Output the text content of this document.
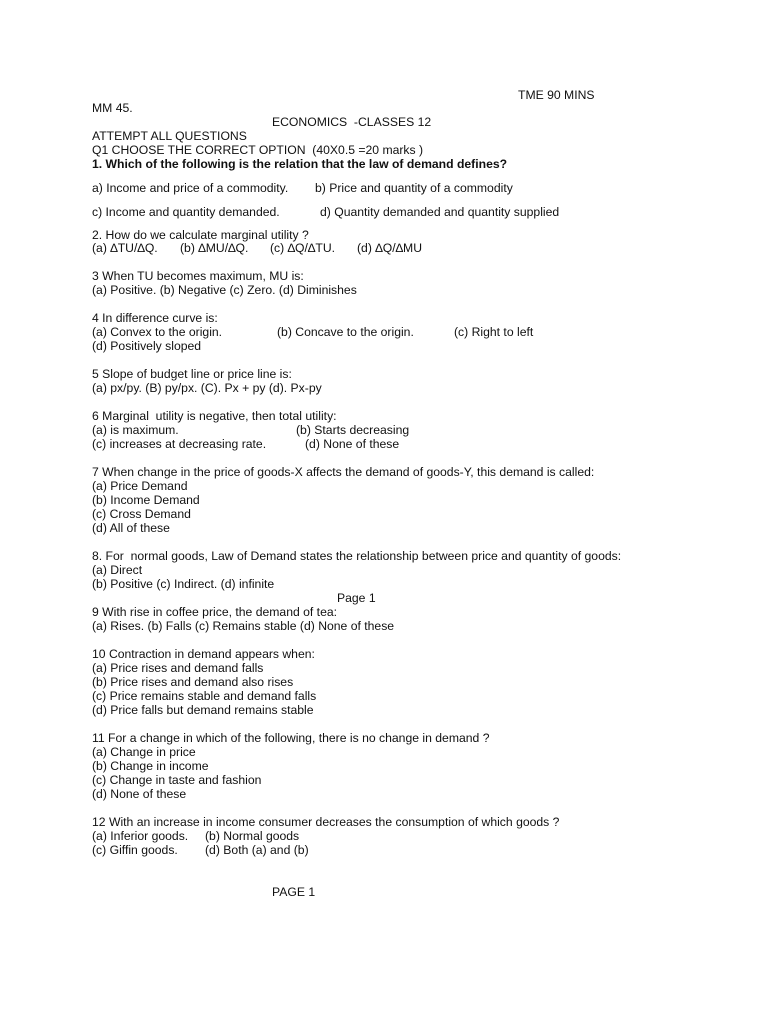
TME 90 MINS
MM 45.
ECONOMICS  -CLASSES 12
ATTEMPT ALL QUESTIONS
Q1 CHOOSE THE CORRECT OPTION  (40X0.5 =20 marks )
1. Which of the following is the relation that the law of demand defines?
a) Income and price of a commodity. b) Price and quantity of a commodity
c) Income and quantity demanded.	d) Quantity demanded and quantity supplied
2. How do we calculate marginal utility ?
(a) ∆TU/∆Q. (b) ∆MU/∆Q. (c) ∆Q/∆TU. (d) ∆Q/∆MU
3 When TU becomes maximum, MU is:
(a) Positive. (b) Negative (c) Zero. (d) Diminishes
4 In difference curve is:
(a) Convex to the origin.	(b) Concave to the origin.	(c) Right to left
(d) Positively sloped
5 Slope of budget line or price line is:
(a) px/py. (B) py/px. (C). Px + py (d). Px-py
6 Marginal  utility is negative, then total utility:
(a) is maximum.	(b) Starts decreasing
(c) increases at decreasing rate.	(d) None of these
7 When change in the price of goods-X affects the demand of goods-Y, this demand is called:
(a) Price Demand
(b) Income Demand
(c) Cross Demand
(d) All of these
8. For  normal goods, Law of Demand states the relationship between price and quantity of goods:
(a) Direct
(b) Positive (c) Indirect. (d) infinite
Page 1
9 With rise in coffee price, the demand of tea:
(a) Rises. (b) Falls (c) Remains stable (d) None of these
10 Contraction in demand appears when:
(a) Price rises and demand falls
(b) Price rises and demand also rises
(c) Price remains stable and demand falls
(d) Price falls but demand remains stable
11 For a change in which of the following, there is no change in demand ?
(a) Change in price
(b) Change in income
(c) Change in taste and fashion
(d) None of these
12 With an increase in income consumer decreases the consumption of which goods ?
(a) Inferior goods. (b) Normal goods
(c) Giffin goods. (d) Both (a) and (b)
PAGE 1
